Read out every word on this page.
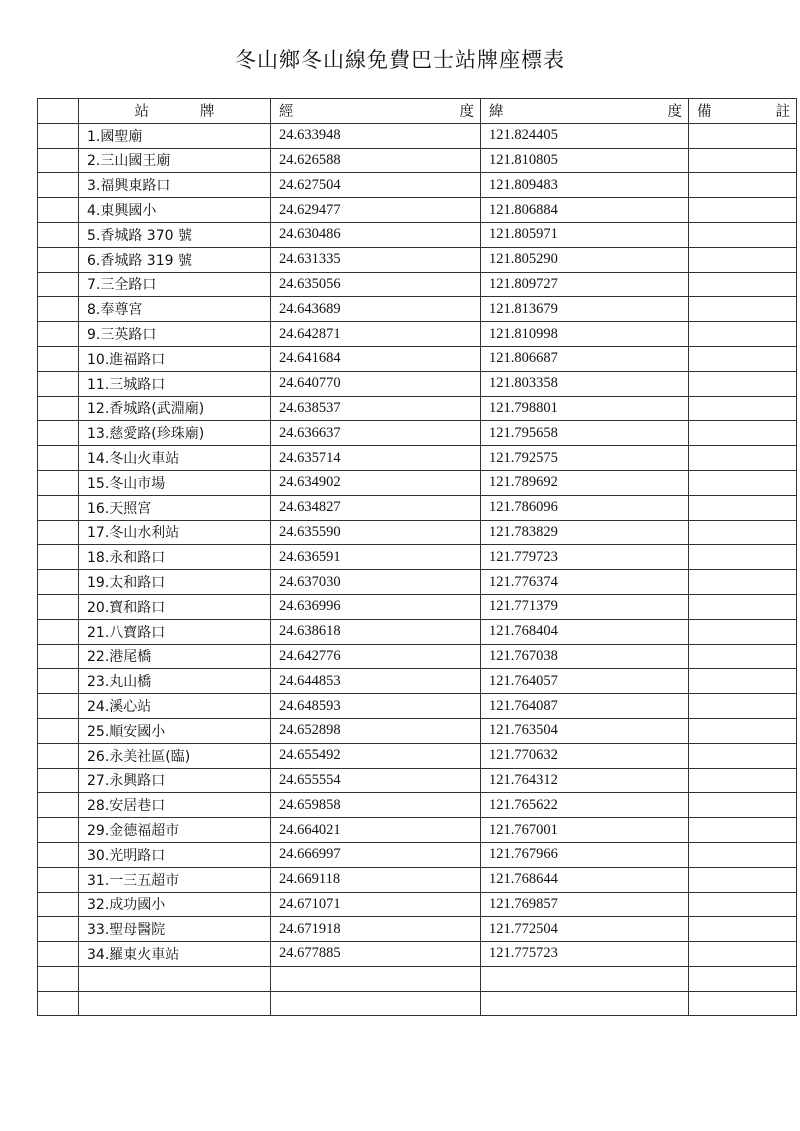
冬山鄉冬山線免費巴士站牌座標表

	站 牌	經 度	緯 度	備 註

	1.國聖廟	24.633948	121.824405	
	2.三山國王廟	24.626588	121.810805	
	3.福興東路口	24.627504	121.809483	
	4.東興國小	24.629477	121.806884	
	5.香城路 370 號	24.630486	121.805971	
	6.香城路 319 號	24.631335	121.805290	
	7.三全路口	24.635056	121.809727	
	8.奉尊宮	24.643689	121.813679	
	9.三英路口	24.642871	121.810998	
	10.進福路口	24.641684	121.806687	
	11.三城路口	24.640770	121.803358	
	12.香城路(武淵廟)	24.638537	121.798801	
	13.慈愛路(珍珠廟)	24.636637	121.795658	
	14.冬山火車站	24.635714	121.792575	
	15.冬山市場	24.634902	121.789692	
	16.天照宮	24.634827	121.786096	
	17.冬山水利站	24.635590	121.783829	
	18.永和路口	24.636591	121.779723	
	19.太和路口	24.637030	121.776374	
	20.寶和路口	24.636996	121.771379	
	21.八寶路口	24.638618	121.768404	
	22.港尾橋	24.642776	121.767038	
	23.丸山橋	24.644853	121.764057	
	24.溪心站	24.648593	121.764087	
	25.順安國小	24.652898	121.763504	
	26.永美社區(臨)	24.655492	121.770632	
	27.永興路口	24.655554	121.764312	
	28.安居巷口	24.659858	121.765622	
	29.金德福超市	24.664021	121.767001	
	30.光明路口	24.666997	121.767966	
	31.一三五超市	24.669118	121.768644	
	32.成功國小	24.671071	121.769857	
	33.聖母醫院	24.671918	121.772504	
	34.羅東火車站	24.677885	121.775723	
